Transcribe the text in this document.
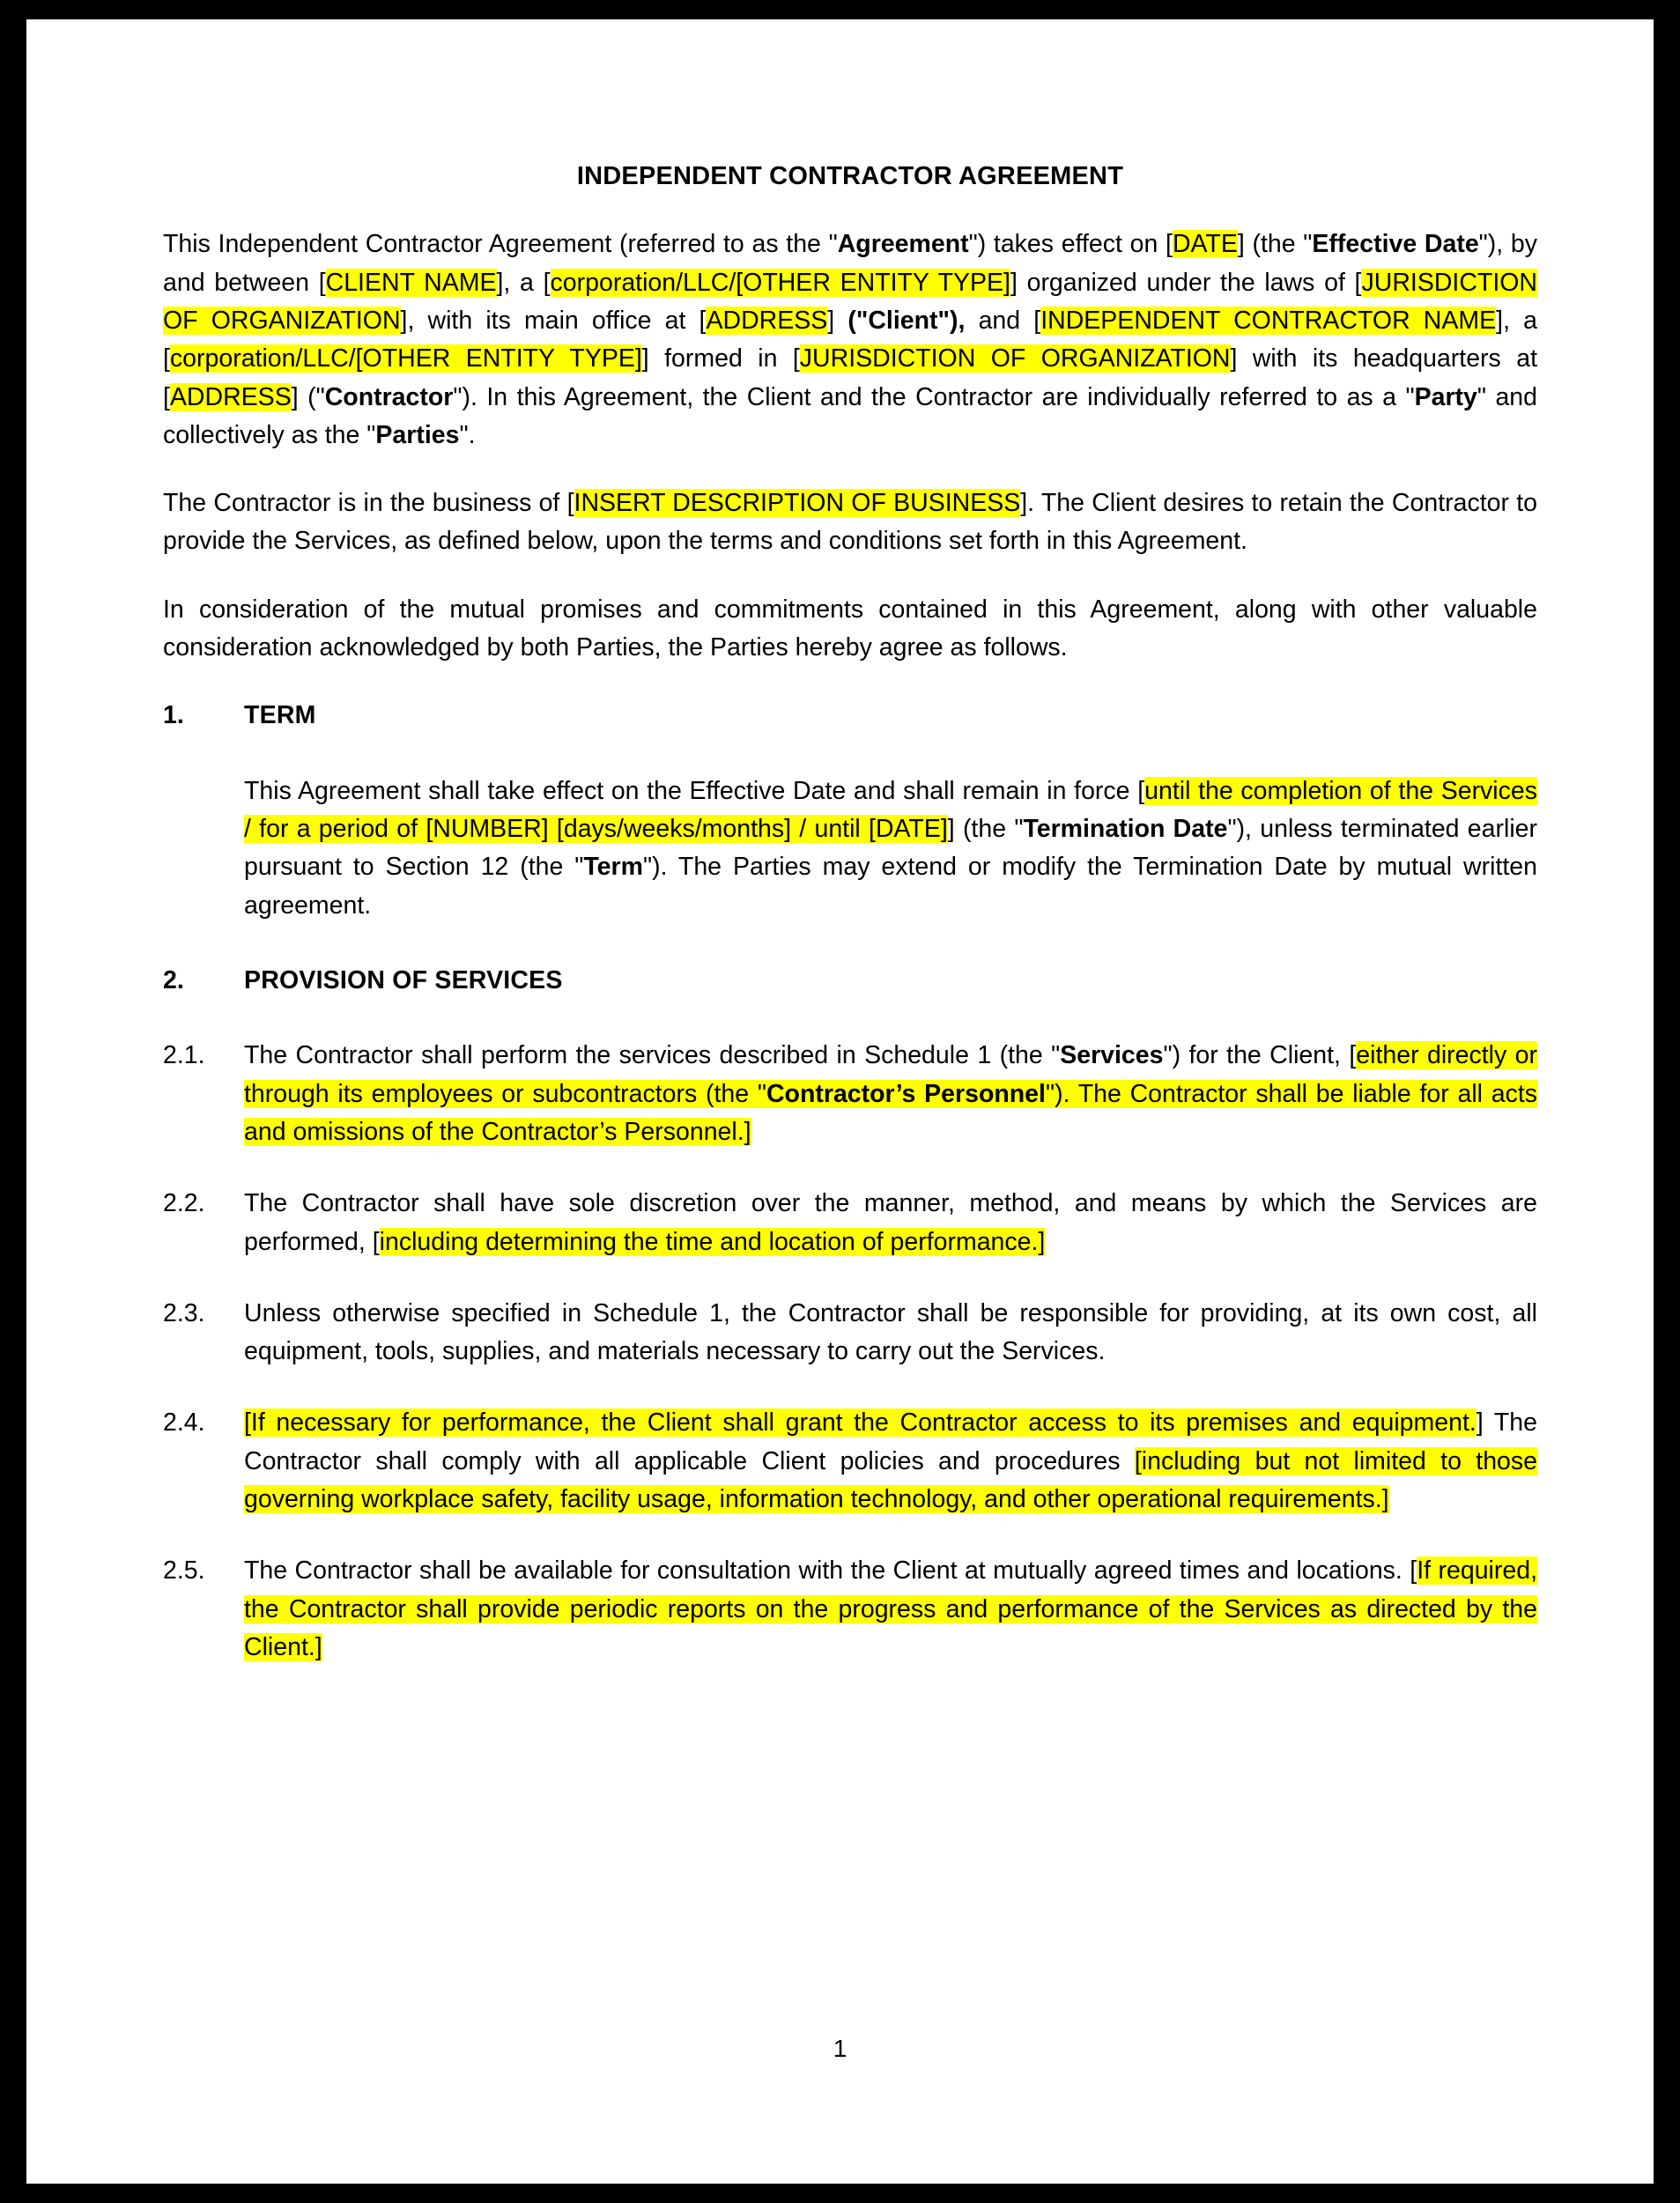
INDEPENDENT CONTRACTOR AGREEMENT

This Independent Contractor Agreement (referred to as the "Agreement") takes effect on [DATE] (the "Effective Date"), by and between [CLIENT NAME], a [corporation/LLC/[OTHER ENTITY TYPE]] organized under the laws of [JURISDICTION OF ORGANIZATION], with its main office at [ADDRESS] ("Client"), and [INDEPENDENT CONTRACTOR NAME], a [corporation/LLC/[OTHER ENTITY TYPE]] formed in [JURISDICTION OF ORGANIZATION] with its headquarters at [ADDRESS] ("Contractor"). In this Agreement, the Client and the Contractor are individually referred to as a "Party" and collectively as the "Parties".

The Contractor is in the business of [INSERT DESCRIPTION OF BUSINESS]. The Client desires to retain the Contractor to provide the Services, as defined below, upon the terms and conditions set forth in this Agreement.

In consideration of the mutual promises and commitments contained in this Agreement, along with other valuable consideration acknowledged by both Parties, the Parties hereby agree as follows.

1.	TERM

This Agreement shall take effect on the Effective Date and shall remain in force [until the completion of the Services / for a period of [NUMBER] [days/weeks/months] / until [DATE]] (the "Termination Date"), unless terminated earlier pursuant to Section 12 (the "Term"). The Parties may extend or modify the Termination Date by mutual written agreement.

2.	PROVISION OF SERVICES
2.1.	The Contractor shall perform the services described in Schedule 1 (the "Services") for the Client, [either directly or through its employees or subcontractors (the "Contractor’s Personnel"). The Contractor shall be liable for all acts and omissions of the Contractor’s Personnel.]
2.2.	The Contractor shall have sole discretion over the manner, method, and means by which the Services are performed, [including determining the time and location of performance.]
2.3.	Unless otherwise specified in Schedule 1, the Contractor shall be responsible for providing, at its own cost, all equipment, tools, supplies, and materials necessary to carry out the Services.
2.4.	[If necessary for performance, the Client shall grant the Contractor access to its premises and equipment.] The Contractor shall comply with all applicable Client policies and procedures [including but not limited to those governing workplace safety, facility usage, information technology, and other operational requirements.]
2.5.	The Contractor shall be available for consultation with the Client at mutually agreed times and locations. [If required, the Contractor shall provide periodic reports on the progress and performance of the Services as directed by the Client.]
1
